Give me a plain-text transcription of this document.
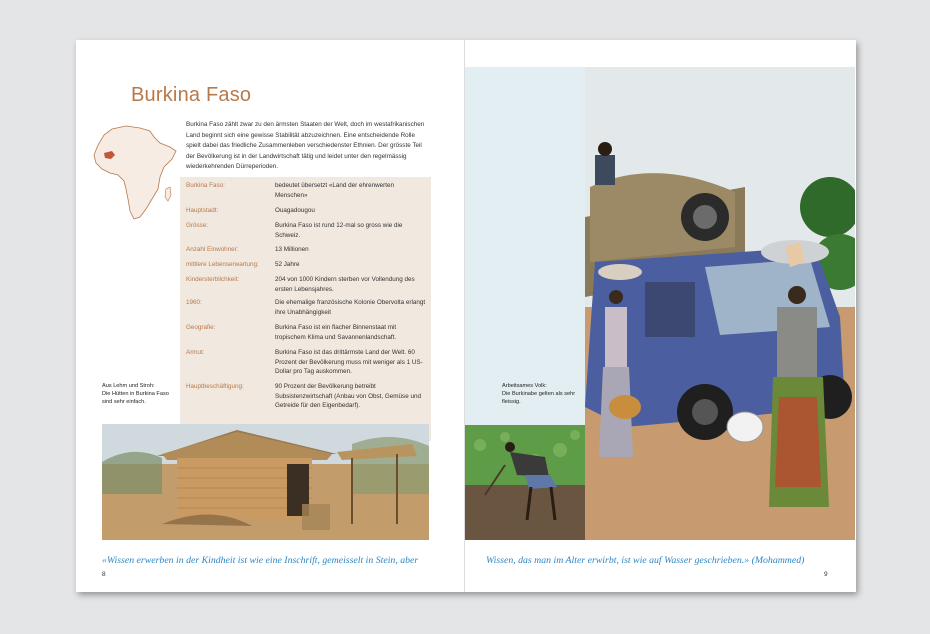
Burkina Faso
Burkina Faso zählt zwar zu den ärmsten Staaten der Welt, doch im westafrikanischen Land beginnt sich eine gewisse Stabilität abzuzeichnen. Eine entscheidende Rolle spielt dabei das friedliche Zusammenleben verschiedenster Ethnien. Der grösste Teil der Bevölkerung ist in der Landwirtschaft tätig und leidet unter den regelmässig wiederkehrenden Dürreperioden.
Burkina Faso:	bedeutet übersetzt «Land der ehrenwerten Menschen»
Hauptstadt:	Ouagadougou
Grösse:	Burkina Faso ist rund 12-mal so gross wie die Schweiz.
Anzahl Einwohner:	13 Millionen
mittlere Lebenserwartung:	52 Jahre
Kindersterblichkeit:	204 von 1000 Kindern sterben vor Vollendung des ersten Lebensjahres.
1960:	Die ehemalige französische Kolonie Obervolta erlangt ihre Unabhängigkeit
Geografie:	Burkina Faso ist ein flacher Binnenstaat mit tropischem Klima und Savannenlandschaft.
Armut:	Burkina Faso ist das drittärmste Land der Welt. 60 Prozent der Bevölkerung muss mit weniger als 1 US-Dollar pro Tag auskommen.
Hauptbeschäftigung:	90 Prozent der Bevölkerung betreibt Subsistenzwirtschaft (Anbau von Obst, Gemüse und Getreide für den Eigenbedarf).
Aus Lehm und Stroh:
Die Hütten in Burkina Faso sind sehr einfach.
«Wissen erwerben in der Kindheit ist wie eine Inschrift, gemeisselt in Stein, aber
8
Arbeitsames Volk:
Die Burkinabe gelten als sehr fleissig.
Wissen, das man im Alter erwirbt, ist wie auf Wasser geschrieben.» (Mohammed)
9
